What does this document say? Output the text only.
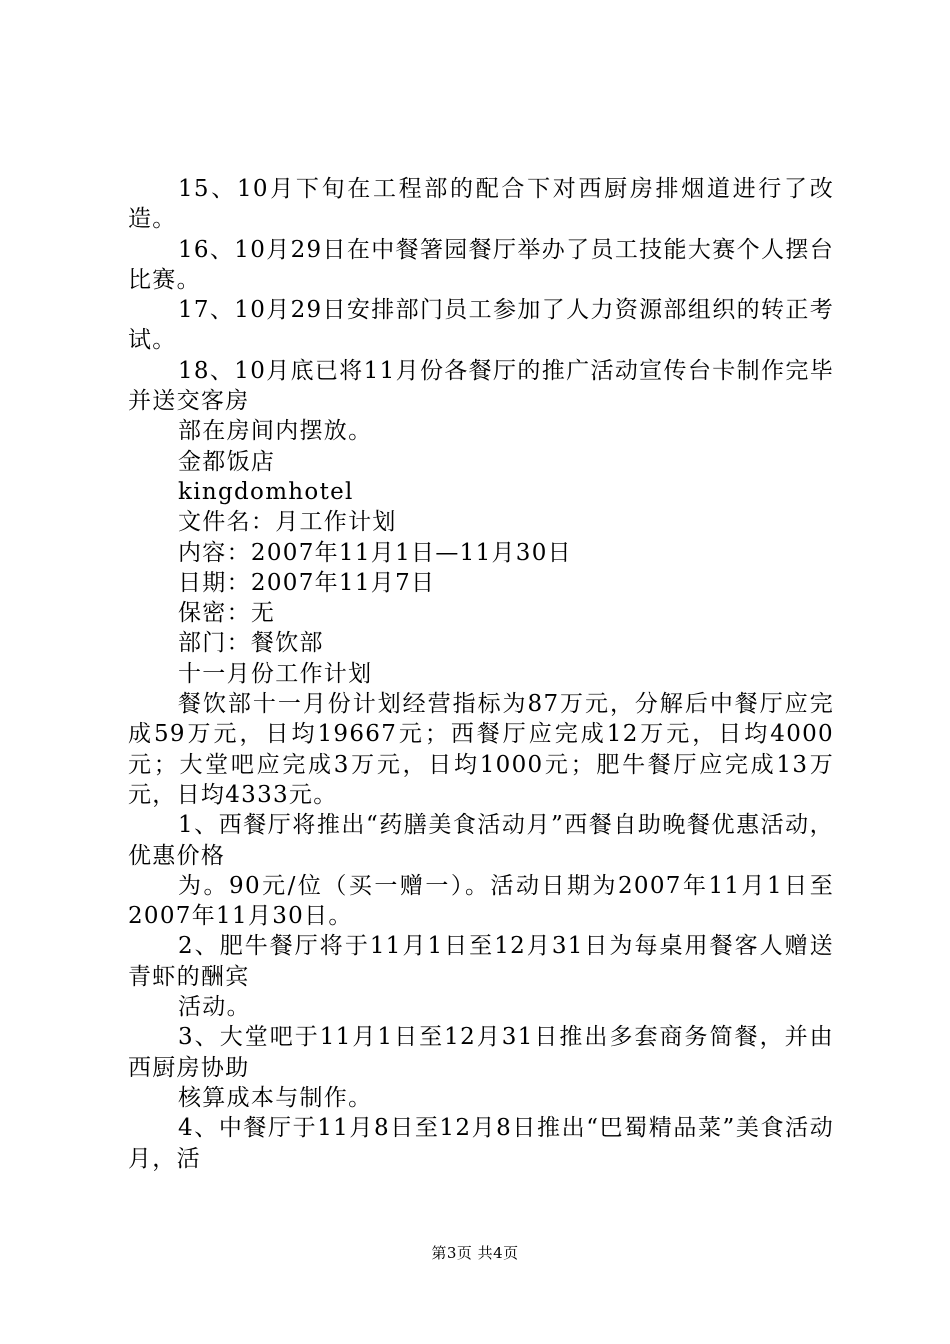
15、10月下旬在工程部的配合下对西厨房排烟道进行了改造。

16、10月29日在中餐箸园餐厅举办了员工技能大赛个人摆台比赛。

17、10月29日安排部门员工参加了人力资源部组织的转正考试。

18、10月底已将11月份各餐厅的推广活动宣传台卡制作完毕并送交客房

部在房间内摆放。

金都饭店

kingdomhotel

文件名：月工作计划

内容：2007年11月1日—11月30日

日期：2007年11月7日

保密：无

部门：餐饮部

十一月份工作计划

餐饮部十一月份计划经营指标为87万元，分解后中餐厅应完成59万元，日均19667元；西餐厅应完成12万元，日均4000元；大堂吧应完成3万元，日均1000元；肥牛餐厅应完成13万元，日均4333元。

1、西餐厅将推出“药膳美食活动月”西餐自助晚餐优惠活动，优惠价格

为。90元/位（买一赠一）。活动日期为2007年11月1日至2007年11月30日。

2、肥牛餐厅将于11月1日至12月31日为每桌用餐客人赠送青虾的酬宾

活动。

3、大堂吧于11月1日至12月31日推出多套商务简餐，并由西厨房协助

核算成本与制作。

4、中餐厅于11月8日至12月8日推出“巴蜀精品菜”美食活动月，活

第3页 共4页
